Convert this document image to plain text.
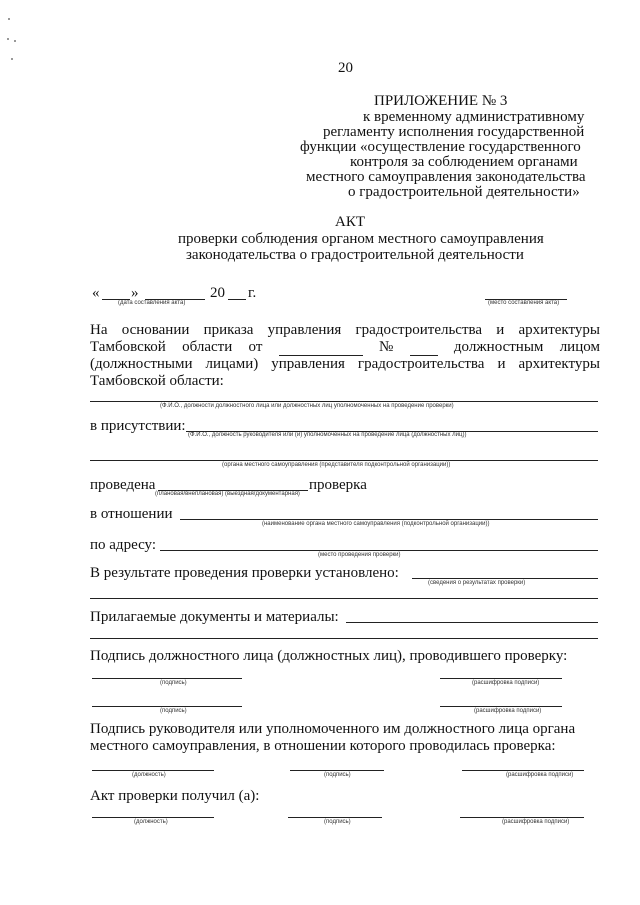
20
ПРИЛОЖЕНИЕ № 3
к временному административному
регламенту исполнения государственной
функции «осуществление государственного
контроля за соблюдением органами
местного самоуправления законодательства
о градостроительной деятельности»
АКТ
проверки соблюдения органом местного самоуправления
законодательства о градостроительной деятельности
« »	20 г.
(дата составления акта)	(место составления акта)
На основании приказа управления градостроительства и архитектуры
Тамбовской области от	№	должностным лицом
(должностными лицами) управления градостроительства и архитектуры
Тамбовской области:
(Ф.И.О., должности должностного лица или должностных лиц уполномоченных на проведение проверки)
в присутствии:
(Ф.И.О., должность руководителя или (и) уполномоченных на проведение лица (должностных лиц))
(органа местного самоуправления (представителя подконтрольной организации))
проведена	проверка
(плановая/внеплановая) (выездная/документарная)
в отношении
(наименование органа местного самоуправления (подконтрольной организации))
по адресу:
(место проведения проверки)
В результате проведения проверки установлено:
(сведения о результатах проверки)
Прилагаемые документы и материалы:
Подпись должностного лица (должностных лиц), проводившего проверку:
(подпись)	(расшифровка подписи)
(подпись)	(расшифровка подписи)
Подпись руководителя или уполномоченного им должностного лица органа
местного самоуправления, в отношении которого проводилась проверка:
(должность)	(подпись)	(расшифровка подписи)
Акт проверки получил (а):
(должность)	(подпись)	(расшифровка подписи)
